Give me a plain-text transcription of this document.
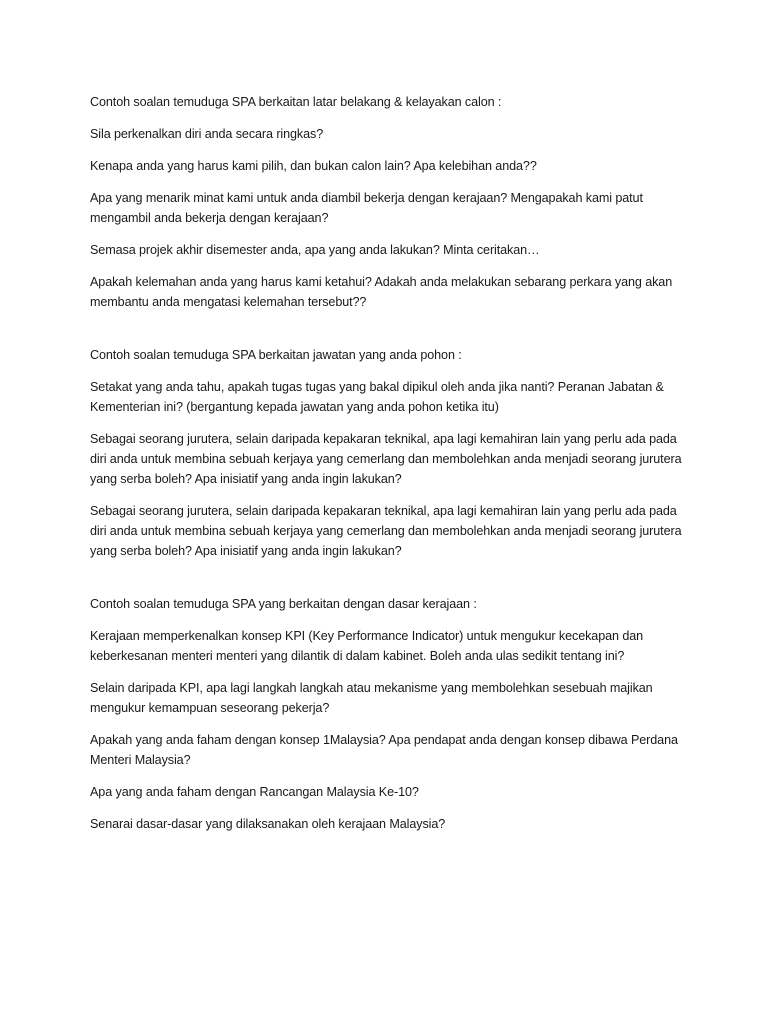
Contoh soalan temuduga SPA berkaitan latar belakang & kelayakan calon :

Sila perkenalkan diri anda secara ringkas?

Kenapa anda yang harus kami pilih, dan bukan calon lain? Apa kelebihan anda??

Apa yang menarik minat kami untuk anda diambil bekerja dengan kerajaan? Mengapakah kami patut mengambil anda bekerja dengan kerajaan?

Semasa projek akhir disemester anda, apa yang anda lakukan? Minta ceritakan…

Apakah kelemahan anda yang harus kami ketahui? Adakah anda melakukan sebarang perkara yang akan membantu anda mengatasi kelemahan tersebut??

Contoh soalan temuduga SPA berkaitan jawatan yang anda pohon :

Setakat yang anda tahu, apakah tugas tugas yang bakal dipikul oleh anda jika nanti? Peranan Jabatan & Kementerian ini? (bergantung kepada jawatan yang anda pohon ketika itu)

Sebagai seorang jurutera, selain daripada kepakaran teknikal, apa lagi kemahiran lain yang perlu ada pada diri anda untuk membina sebuah kerjaya yang cemerlang dan membolehkan anda menjadi seorang jurutera yang serba boleh? Apa inisiatif yang anda ingin lakukan?

Sebagai seorang jurutera, selain daripada kepakaran teknikal, apa lagi kemahiran lain yang perlu ada pada diri anda untuk membina sebuah kerjaya yang cemerlang dan membolehkan anda menjadi seorang jurutera yang serba boleh? Apa inisiatif yang anda ingin lakukan?

Contoh soalan temuduga SPA yang berkaitan dengan dasar kerajaan :

Kerajaan memperkenalkan konsep KPI (Key Performance Indicator) untuk mengukur kecekapan dan keberkesanan menteri menteri yang dilantik di dalam kabinet. Boleh anda ulas sedikit tentang ini?

Selain daripada KPI, apa lagi langkah langkah atau mekanisme yang membolehkan sesebuah majikan mengukur kemampuan seseorang pekerja?

Apakah yang anda faham dengan konsep 1Malaysia? Apa pendapat anda dengan konsep dibawa Perdana Menteri Malaysia?

Apa yang anda faham dengan Rancangan Malaysia Ke-10?

Senarai dasar-dasar yang dilaksanakan oleh kerajaan Malaysia?
